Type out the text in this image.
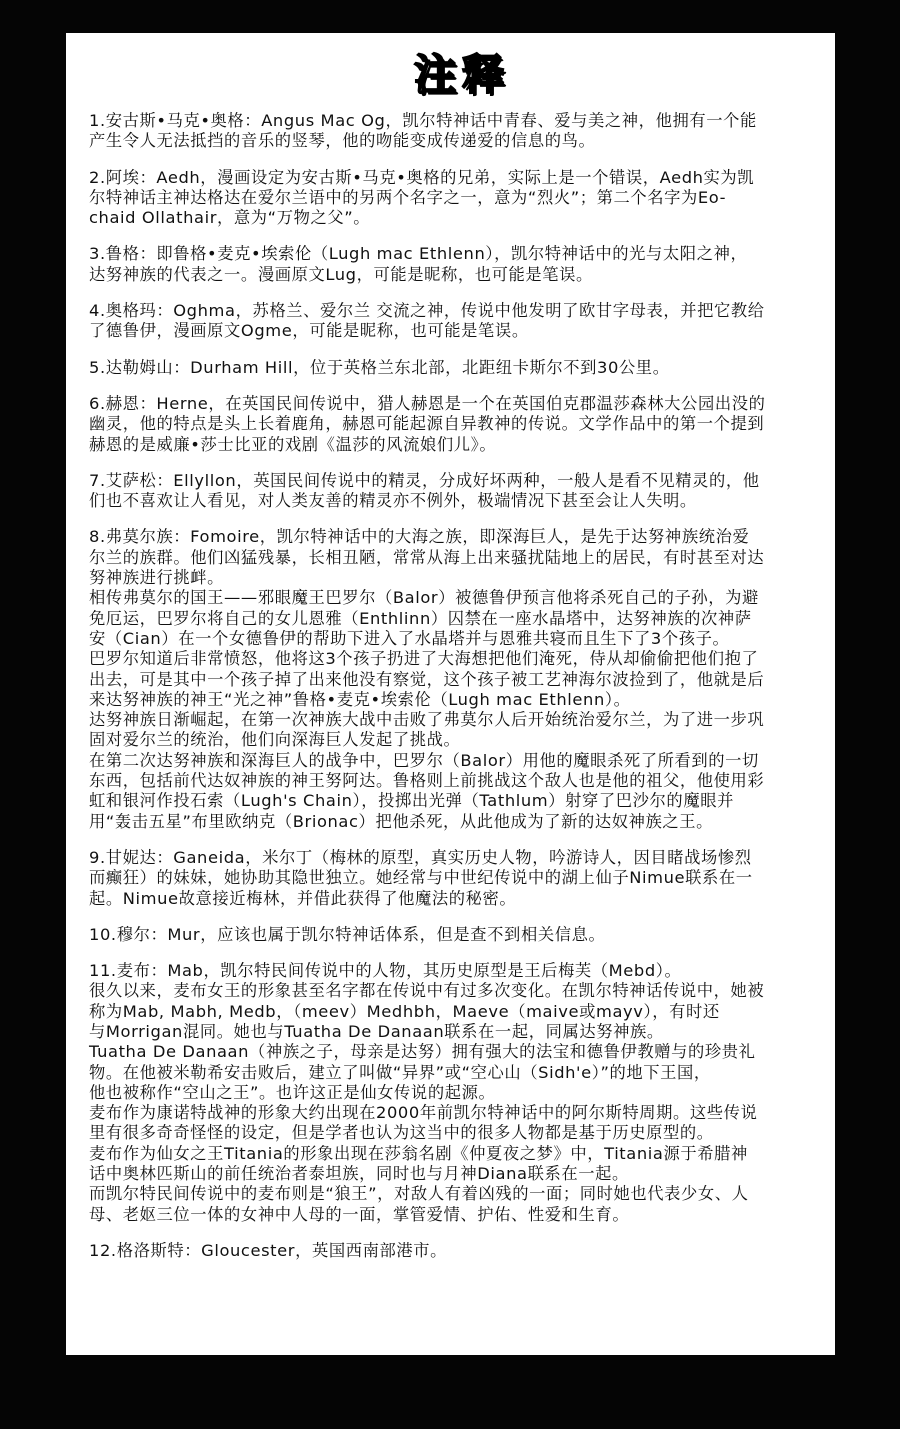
注释

1.安古斯•马克•奥格：Angus Mac Og，凯尔特神话中青春、爱与美之神，他拥有一个能
产生令人无法抵挡的音乐的竖琴，他的吻能变成传递爱的信息的鸟。

2.阿埃：Aedh，漫画设定为安古斯•马克•奥格的兄弟，实际上是一个错误，Aedh实为凯
尔特神话主神达格达在爱尔兰语中的另两个名字之一，意为“烈火”；第二个名字为Eo-
chaid Ollathair，意为“万物之父”。

3.鲁格：即鲁格•麦克•埃索伦（Lugh mac Ethlenn），凯尔特神话中的光与太阳之神，
达努神族的代表之一。漫画原文Lug，可能是昵称，也可能是笔误。

4.奥格玛：Oghma，苏格兰、爱尔兰 交流之神，传说中他发明了欧甘字母表，并把它教给
了德鲁伊，漫画原文Ogme，可能是昵称，也可能是笔误。

5.达勒姆山：Durham Hill，位于英格兰东北部，北距纽卡斯尔不到30公里。

6.赫恩：Herne，在英国民间传说中，猎人赫恩是一个在英国伯克郡温莎森林大公园出没的
幽灵，他的特点是头上长着鹿角，赫恩可能起源自异教神的传说。文学作品中的第一个提到
赫恩的是威廉•莎士比亚的戏剧《温莎的风流娘们儿》。

7.艾萨松：Ellyllon，英国民间传说中的精灵，分成好坏两种，一般人是看不见精灵的，他
们也不喜欢让人看见，对人类友善的精灵亦不例外，极端情况下甚至会让人失明。

8.弗莫尔族：Fomoire，凯尔特神话中的大海之族，即深海巨人，是先于达努神族统治爱
尔兰的族群。他们凶猛残暴，长相丑陋，常常从海上出来骚扰陆地上的居民，有时甚至对达
努神族进行挑衅。

相传弗莫尔的国王——邪眼魔王巴罗尔（Balor）被德鲁伊预言他将杀死自己的子孙，为避
免厄运，巴罗尔将自己的女儿恩雅（Enthlinn）囚禁在一座水晶塔中，达努神族的次神萨
安（Cian）在一个女德鲁伊的帮助下进入了水晶塔并与恩雅共寝而且生下了3个孩子。

巴罗尔知道后非常愤怒，他将这3个孩子扔进了大海想把他们淹死，侍从却偷偷把他们抱了
出去，可是其中一个孩子掉了出来他没有察觉，这个孩子被工艺神海尔波捡到了，他就是后
来达努神族的神王“光之神”鲁格•麦克•埃索伦（Lugh mac Ethlenn）。

达努神族日渐崛起，在第一次神族大战中击败了弗莫尔人后开始统治爱尔兰，为了进一步巩
固对爱尔兰的统治，他们向深海巨人发起了挑战。

在第二次达努神族和深海巨人的战争中，巴罗尔（Balor）用他的魔眼杀死了所看到的一切
东西，包括前代达奴神族的神王努阿达。鲁格则上前挑战这个敌人也是他的祖父，他使用彩
虹和银河作投石索（Lugh's Chain），投掷出光弹（Tathlum）射穿了巴沙尔的魔眼并
用“轰击五星”布里欧纳克（Brionac）把他杀死，从此他成为了新的达奴神族之王。

9.甘妮达：Ganeida，米尔丁（梅林的原型，真实历史人物，吟游诗人，因目睹战场惨烈
而癫狂）的妹妹，她协助其隐世独立。她经常与中世纪传说中的湖上仙子Nimue联系在一
起。Nimue故意接近梅林，并借此获得了他魔法的秘密。

10.穆尔：Mur，应该也属于凯尔特神话体系，但是查不到相关信息。

11.麦布：Mab，凯尔特民间传说中的人物，其历史原型是王后梅芙（Mebd）。

很久以来，麦布女王的形象甚至名字都在传说中有过多次变化。在凯尔特神话传说中，她被
称为Mab, Mabh, Medb，（meev）Medhbh，Maeve（maive或mayv），有时还
与Morrigan混同。她也与Tuatha De Danaan联系在一起，同属达努神族。

Tuatha De Danaan（神族之子，母亲是达努）拥有强大的法宝和德鲁伊教赠与的珍贵礼
物。在他被米勒希安击败后，建立了叫做“异界”或“空心山（Sidh'e）”的地下王国，
他也被称作“空山之王”。也许这正是仙女传说的起源。

麦布作为康诺特战神的形象大约出现在2000年前凯尔特神话中的阿尔斯特周期。这些传说
里有很多奇奇怪怪的设定，但是学者也认为这当中的很多人物都是基于历史原型的。

麦布作为仙女之王Titania的形象出现在莎翁名剧《仲夏夜之梦》中，Titania源于希腊神
话中奥林匹斯山的前任统治者泰坦族，同时也与月神Diana联系在一起。

而凯尔特民间传说中的麦布则是“狼王”，对敌人有着凶残的一面；同时她也代表少女、人
母、老妪三位一体的女神中人母的一面，掌管爱情、护佑、性爱和生育。

12.格洛斯特：Gloucester，英国西南部港市。
